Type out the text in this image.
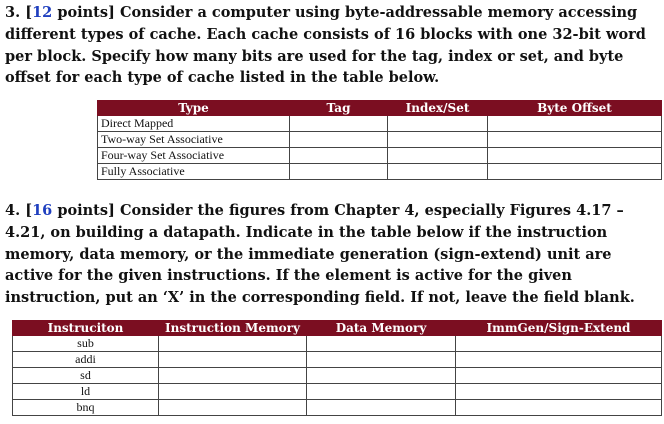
3. [12 points] Consider a computer using byte-addressable memory accessing different types of cache. Each cache consists of 16 blocks with one 32-bit word per block. Specify how many bits are used for the tag, index or set, and byte offset for each type of cache listed in the table below.
Type	Tag	Index/Set	Byte Offset
Direct Mapped			
Two-way Set Associative			
Four-way Set Associative			
Fully Associative			
4. [16 points] Consider the figures from Chapter 4, especially Figures 4.17 – 4.21, on building a datapath. Indicate in the table below if the instruction memory, data memory, or the immediate generation (sign-extend) unit are active for the given instructions. If the element is active for the given instruction, put an ‘X’ in the corresponding field. If not, leave the field blank.
Instruciton	Instruction Memory	Data Memory	ImmGen/Sign-Extend
sub			
addi			
sd			
ld			
bnq			
